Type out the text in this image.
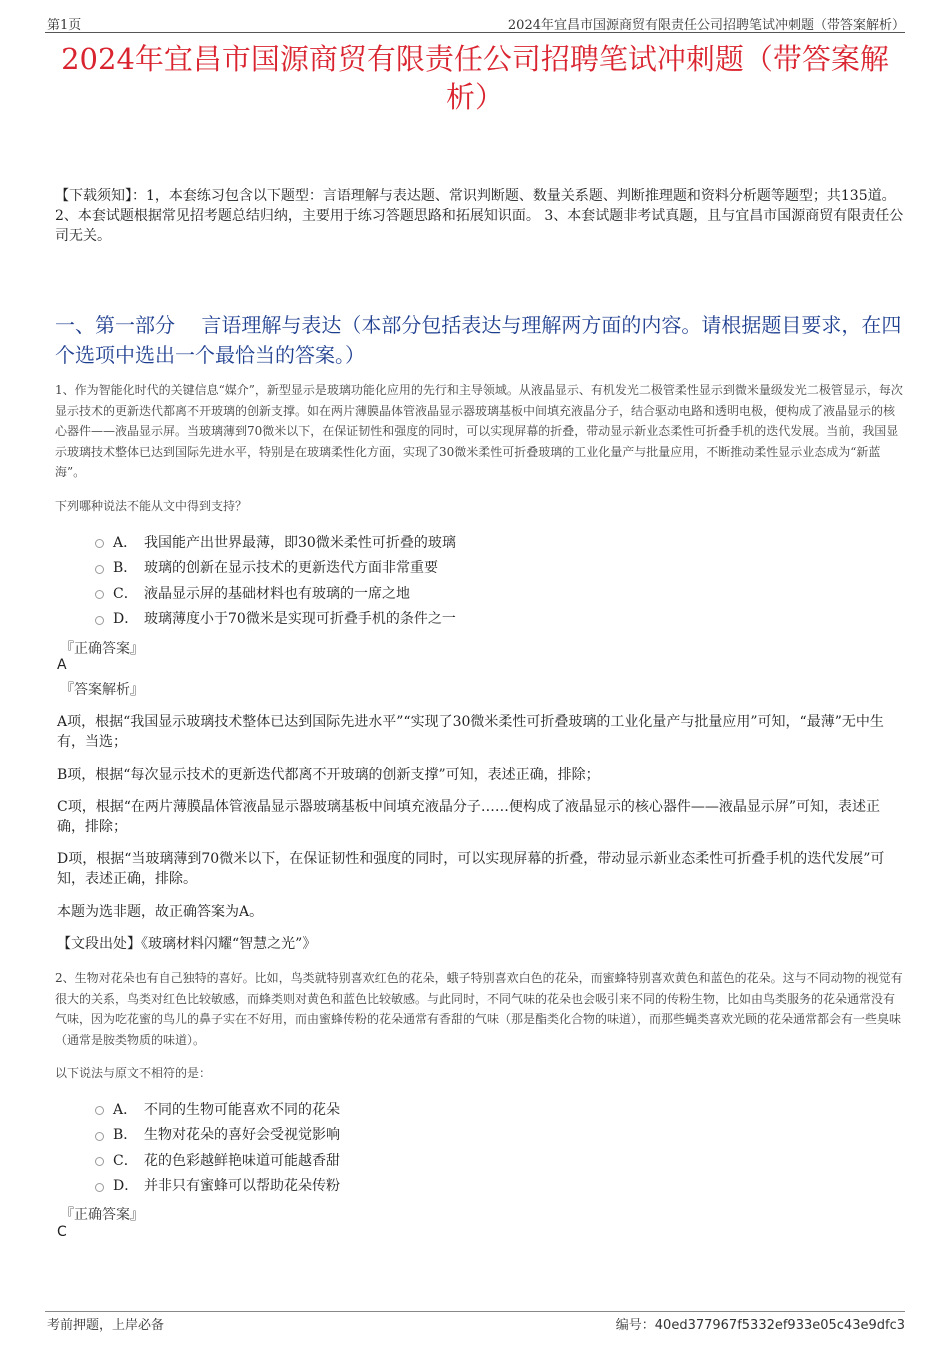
第1页	2024年宜昌市国源商贸有限责任公司招聘笔试冲刺题（带答案解析）
2024年宜昌市国源商贸有限责任公司招聘笔试冲刺题（带答案解析）
【下载须知】：1，本套练习包含以下题型：言语理解与表达题、常识判断题、数量关系题、判断推理题和资料分析题等题型；共135道。 2、本套试题根据常见招考题总结归纳，主要用于练习答题思路和拓展知识面。 3、本套试题非考试真题，且与宜昌市国源商贸有限责任公司无关。
一、第一部分　 言语理解与表达（本部分包括表达与理解两方面的内容。请根据题目要求，在四个选项中选出一个最恰当的答案。）
1、作为智能化时代的关键信息“媒介”，新型显示是玻璃功能化应用的先行和主导领域。从液晶显示、有机发光二极管柔性显示到微米量级发光二极管显示，每次显示技术的更新迭代都离不开玻璃的创新支撑。如在两片薄膜晶体管液晶显示器玻璃基板中间填充液晶分子，结合驱动电路和透明电极，便构成了液晶显示的核心器件——液晶显示屏。当玻璃薄到70微米以下，在保证韧性和强度的同时，可以实现屏幕的折叠，带动显示新业态柔性可折叠手机的迭代发展。当前，我国显示玻璃技术整体已达到国际先进水平，特别是在玻璃柔性化方面，实现了30微米柔性可折叠玻璃的工业化量产与批量应用，不断推动柔性显示业态成为“新蓝海”。
下列哪种说法不能从文中得到支持？
A． 我国能产出世界最薄，即30微米柔性可折叠的玻璃
B． 玻璃的创新在显示技术的更新迭代方面非常重要
C． 液晶显示屏的基础材料也有玻璃的一席之地
D． 玻璃薄度小于70微米是实现可折叠手机的条件之一
『正确答案』
A
『答案解析』
A项，根据“我国显示玻璃技术整体已达到国际先进水平”“实现了30微米柔性可折叠玻璃的工业化量产与批量应用”可知，“最薄”无中生有，当选；
B项，根据“每次显示技术的更新迭代都离不开玻璃的创新支撑”可知，表述正确，排除；
C项，根据“在两片薄膜晶体管液晶显示器玻璃基板中间填充液晶分子……便构成了液晶显示的核心器件——液晶显示屏”可知，表述正确，排除；
D项，根据“当玻璃薄到70微米以下，在保证韧性和强度的同时，可以实现屏幕的折叠，带动显示新业态柔性可折叠手机的迭代发展”可知，表述正确，排除。
本题为选非题，故正确答案为A。
【文段出处】《玻璃材料闪耀“智慧之光”》
2、生物对花朵也有自己独特的喜好。比如，鸟类就特别喜欢红色的花朵，蛾子特别喜欢白色的花朵，而蜜蜂特别喜欢黄色和蓝色的花朵。这与不同动物的视觉有很大的关系，鸟类对红色比较敏感，而蜂类则对黄色和蓝色比较敏感。与此同时，不同气味的花朵也会吸引来不同的传粉生物，比如由鸟类服务的花朵通常没有气味，因为吃花蜜的鸟儿的鼻子实在不好用，而由蜜蜂传粉的花朵通常有香甜的气味（那是酯类化合物的味道），而那些蝇类喜欢光顾的花朵通常都会有一些臭味（通常是胺类物质的味道）。
以下说法与原文不相符的是：
A． 不同的生物可能喜欢不同的花朵
B． 生物对花朵的喜好会受视觉影响
C． 花的色彩越鲜艳味道可能越香甜
D． 并非只有蜜蜂可以帮助花朵传粉
『正确答案』
C
考前押题，上岸必备	编号：40ed377967f5332ef933e05c43e9dfc3
